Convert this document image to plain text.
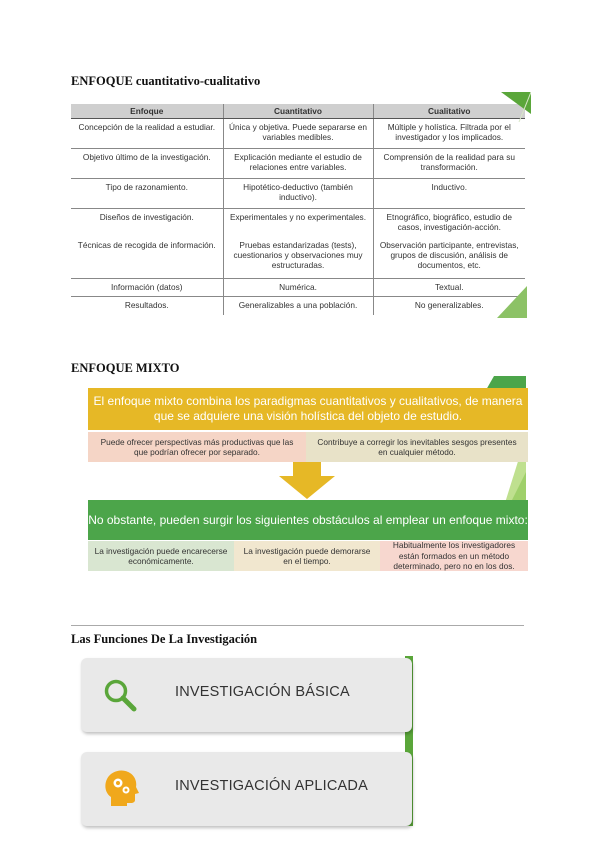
ENFOQUE cuantitativo-cualitativo
Enfoque	Cuantitativo	Cualitativo
Concepción de la realidad a estudiar.	Única y objetiva. Puede separarse en variables medibles.	Múltiple y holística. Filtrada por el investigador y los implicados.
Objetivo último de la investigación.	Explicación mediante el estudio de relaciones entre variables.	Comprensión de la realidad para su transformación.
Tipo de razonamiento.	Hipotético-deductivo (también inductivo).	Inductivo.
Diseños de investigación.	Experimentales y no experimentales.	Etnográfico, biográfico, estudio de casos, investigación-acción.
Técnicas de recogida de información.	Pruebas estandarizadas (tests), cuestionarios y observaciones muy estructuradas.	Observación participante, entrevistas, grupos de discusión, análisis de documentos, etc.
Información (datos)	Numérica.	Textual.
Resultados.	Generalizables a una población.	No generalizables.
ENFOQUE MIXTO
El enfoque mixto combina los paradigmas cuantitativos y cualitativos, de manera que se adquiere una visión holística del objeto de estudio.
Puede ofrecer perspectivas más productivas que las que podrían ofrecer por separado.
Contribuye a corregir los inevitables sesgos presentes en cualquier método.
No obstante, pueden surgir los siguientes obstáculos al emplear un enfoque mixto:
La investigación puede encarecerse económicamente.
La investigación puede demorarse en el tiempo.
Habitualmente los investigadores están formados en un método determinado, pero no en los dos.
Las Funciones De La Investigación
INVESTIGACIÓN BÁSICA
INVESTIGACIÓN APLICADA
